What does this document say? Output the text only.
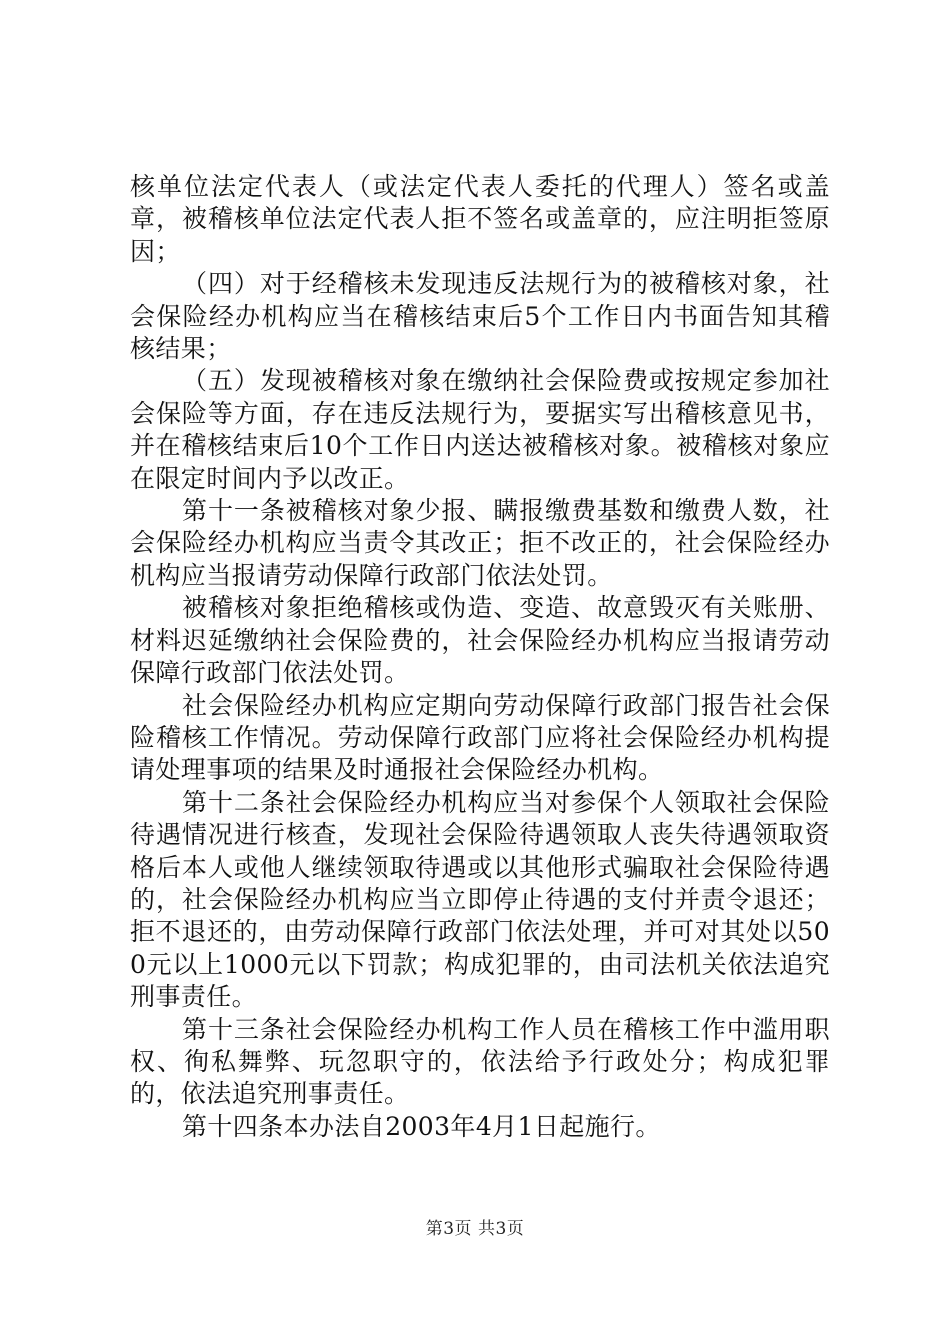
核单位法定代表人（或法定代表人委托的代理人）签名或盖章，被稽核单位法定代表人拒不签名或盖章的，应注明拒签原因；

（四）对于经稽核未发现违反法规行为的被稽核对象，社会保险经办机构应当在稽核结束后5个工作日内书面告知其稽核结果；

（五）发现被稽核对象在缴纳社会保险费或按规定参加社会保险等方面，存在违反法规行为，要据实写出稽核意见书，并在稽核结束后10个工作日内送达被稽核对象。被稽核对象应在限定时间内予以改正。

第十一条被稽核对象少报、瞒报缴费基数和缴费人数，社会保险经办机构应当责令其改正；拒不改正的，社会保险经办机构应当报请劳动保障行政部门依法处罚。

被稽核对象拒绝稽核或伪造、变造、故意毁灭有关账册、材料迟延缴纳社会保险费的，社会保险经办机构应当报请劳动保障行政部门依法处罚。

社会保险经办机构应定期向劳动保障行政部门报告社会保险稽核工作情况。劳动保障行政部门应将社会保险经办机构提请处理事项的结果及时通报社会保险经办机构。

第十二条社会保险经办机构应当对参保个人领取社会保险待遇情况进行核查，发现社会保险待遇领取人丧失待遇领取资格后本人或他人继续领取待遇或以其他形式骗取社会保险待遇的，社会保险经办机构应当立即停止待遇的支付并责令退还；拒不退还的，由劳动保障行政部门依法处理，并可对其处以500元以上1000元以下罚款；构成犯罪的，由司法机关依法追究刑事责任。

第十三条社会保险经办机构工作人员在稽核工作中滥用职权、徇私舞弊、玩忽职守的，依法给予行政处分；构成犯罪的，依法追究刑事责任。

第十四条本办法自2003年4月1日起施行。

第3页 共3页
